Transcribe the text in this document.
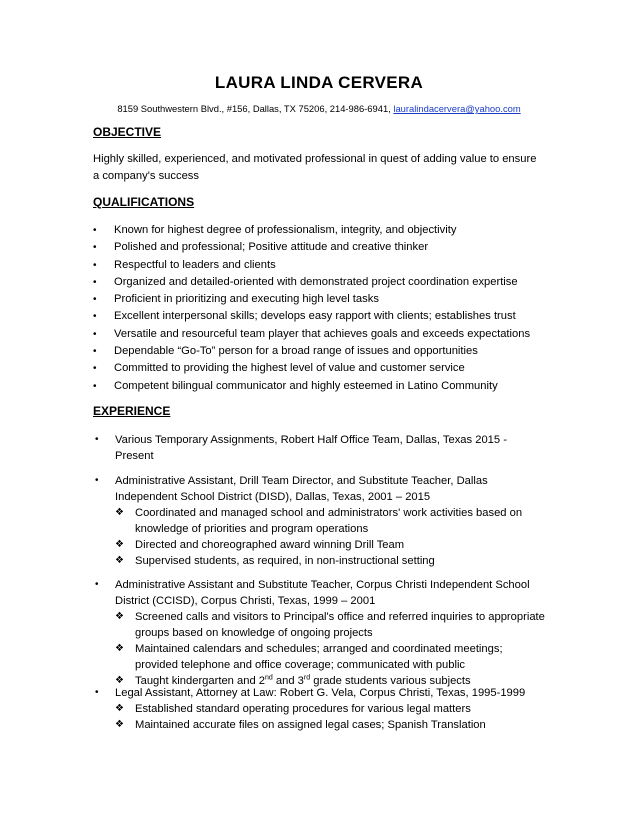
LAURA LINDA CERVERA
8159 Southwestern Blvd., #156, Dallas, TX 75206, 214-986-6941, lauralindacervera@yahoo.com
OBJECTIVE
Highly skilled, experienced, and motivated professional in quest of adding value to ensure a company's success
QUALIFICATIONS
• Known for highest degree of professionalism, integrity, and objectivity
• Polished and professional; Positive attitude and creative thinker
• Respectful to leaders and clients
• Organized and detailed-oriented with demonstrated project coordination expertise
• Proficient in prioritizing and executing high level tasks
• Excellent interpersonal skills; develops easy rapport with clients; establishes trust
• Versatile and resourceful team player that achieves goals and exceeds expectations
• Dependable “Go-To” person for a broad range of issues and opportunities
• Committed to providing the highest level of value and customer service
• Competent bilingual communicator and highly esteemed in Latino Community
EXPERIENCE
• Various Temporary Assignments, Robert Half Office Team, Dallas, Texas 2015 - Present
• Administrative Assistant, Drill Team Director, and Substitute Teacher, Dallas Independent School District (DISD), Dallas, Texas, 2001 – 2015
❖ Coordinated and managed school and administrators' work activities based on knowledge of priorities and program operations
❖ Directed and choreographed award winning Drill Team
❖ Supervised students, as required, in non-instructional setting
• Administrative Assistant and Substitute Teacher, Corpus Christi Independent School District (CCISD), Corpus Christi, Texas, 1999 – 2001
❖ Screened calls and visitors to Principal's office and referred inquiries to appropriate groups based on knowledge of ongoing projects
❖ Maintained calendars and schedules; arranged and coordinated meetings; provided telephone and office coverage; communicated with public
❖ Taught kindergarten and 2nd and 3rd grade students various subjects
• Legal Assistant, Attorney at Law: Robert G. Vela, Corpus Christi, Texas, 1995-1999
❖ Established standard operating procedures for various legal matters
❖ Maintained accurate files on assigned legal cases; Spanish Translation
